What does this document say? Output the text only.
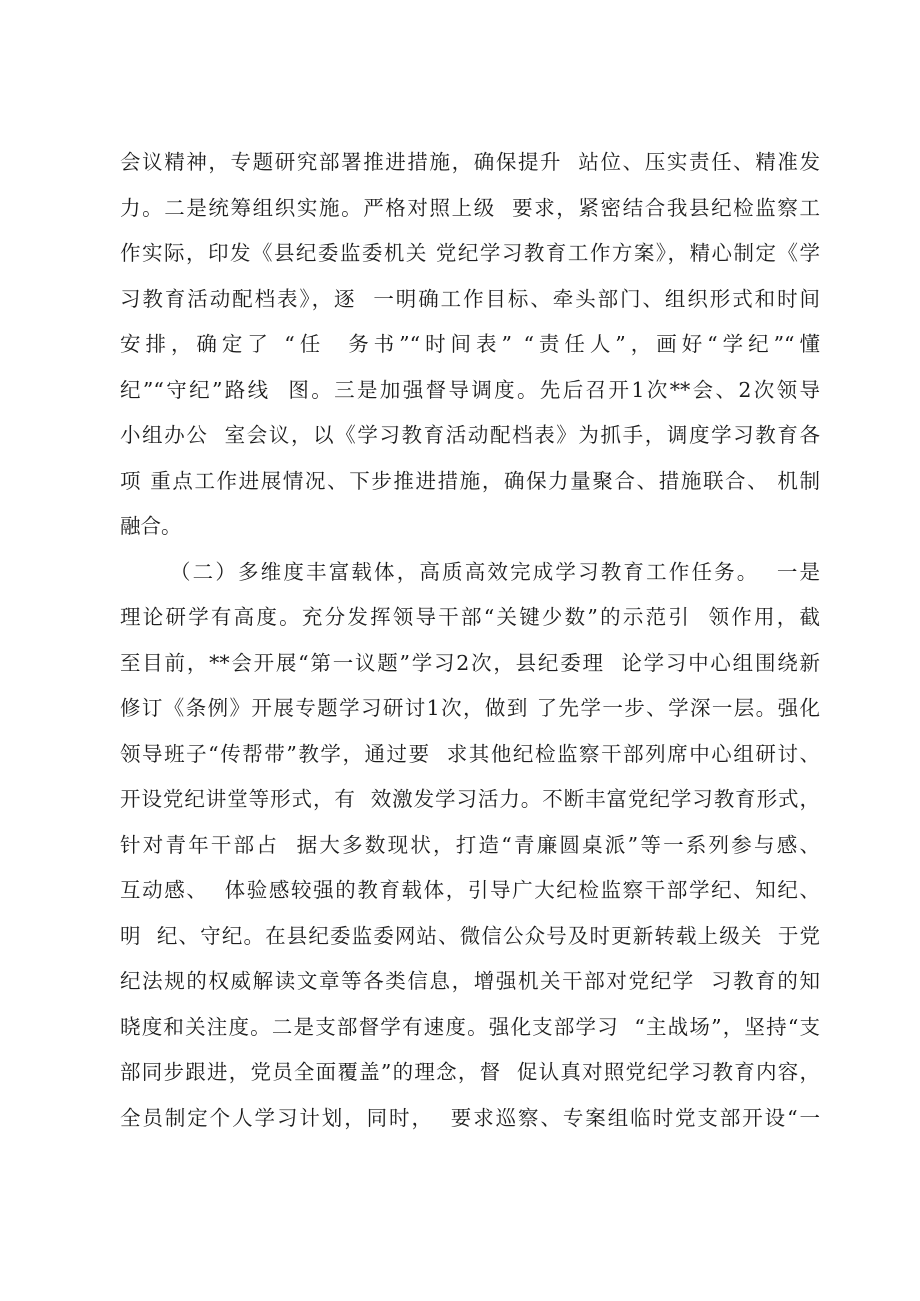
会议精神，专题研究部署推进措施，确保提升  站位、压实责任、精准发
力。二是统筹组织实施。严格对照上级  要求，紧密结合我县纪检监察工
作实际，印发《县纪委监委机关 党纪学习教育工作方案》，精心制定《学
习教育活动配档表》，逐  一明确工作目标、牵头部门、组织形式和时间
安排，确定了 “任  务书”“时间表” “责任人”，画好“学纪”“懂
纪”“守纪”路线  图。三是加强督导调度。先后召开1次**会、2次领导
小组办公  室会议，以《学习教育活动配档表》为抓手，调度学习教育各
项 重点工作进展情况、下步推进措施，确保力量聚合、措施联合、 机制
融合。
（二）多维度丰富载体，高质高效完成学习教育工作任务。  一是
理论研学有高度。充分发挥领导干部“关键少数”的示范引  领作用，截
至目前，**会开展“第一议题”学习2次，县纪委理  论学习中心组围绕新
修订《条例》开展专题学习研讨1次，做到 了先学一步、学深一层。强化
领导班子“传帮带”教学，通过要  求其他纪检监察干部列席中心组研讨、
开设党纪讲堂等形式，有  效激发学习活力。不断丰富党纪学习教育形式，
针对青年干部占  据大多数现状，打造“青廉圆桌派”等一系列参与感、
互动感、  体验感较强的教育载体，引导广大纪检监察干部学纪、知纪、
明  纪、守纪。在县纪委监委网站、微信公众号及时更新转载上级关  于党
纪法规的权威解读文章等各类信息，增强机关干部对党纪学  习教育的知
晓度和关注度。二是支部督学有速度。强化支部学习  “主战场”，坚持“支
部同步跟进，党员全面覆盖”的理念，督  促认真对照党纪学习教育内容，
全员制定个人学习计划，同时，  要求巡察、专案组临时党支部开设“一
